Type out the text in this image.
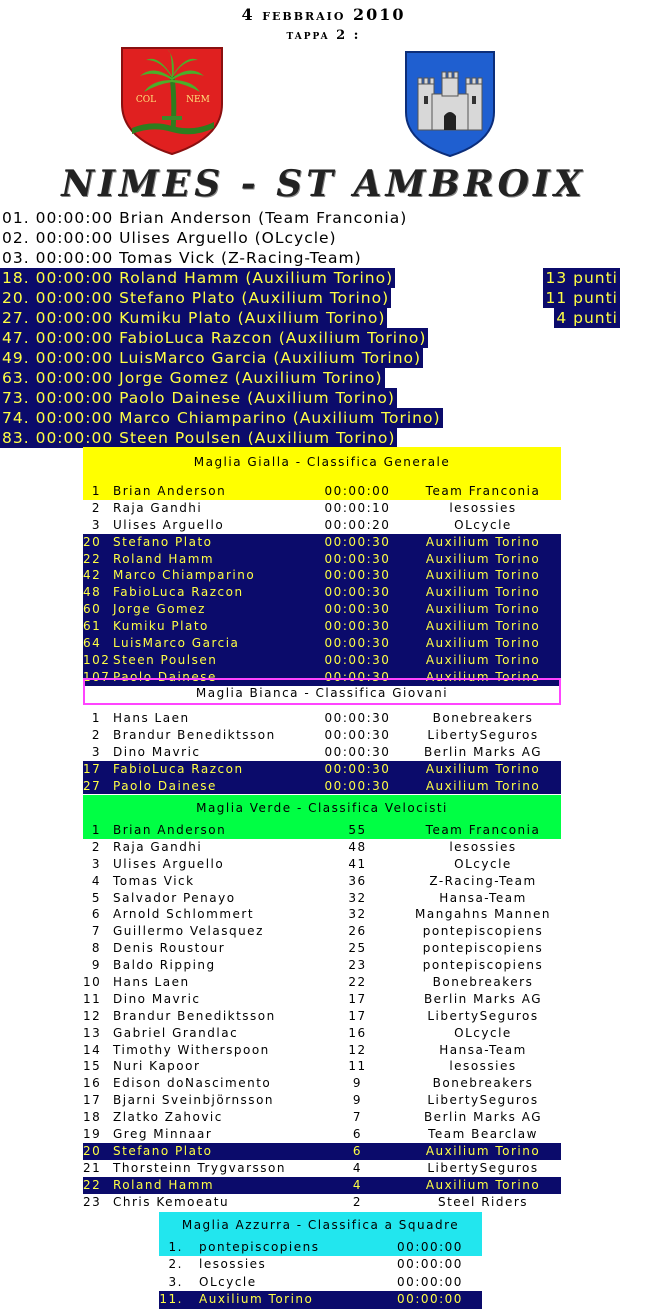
4 febbraio 2010
tappa 2 :
COL	NEM
NIMES - ST AMBROIX
01. 00:00:00 Brian Anderson (Team Franconia)
02. 00:00:00 Ulises Arguello (OLcycle)
03. 00:00:00 Tomas Vick (Z-Racing-Team)
18. 00:00:00 Roland Hamm (Auxilium Torino)	13 punti
20. 00:00:00 Stefano Plato (Auxilium Torino)	11 punti
27. 00:00:00 Kumiku Plato (Auxilium Torino)	4 punti
47. 00:00:00 FabioLuca Razcon (Auxilium Torino)
49. 00:00:00 LuisMarco Garcia (Auxilium Torino)
63. 00:00:00 Jorge Gomez (Auxilium Torino)
73. 00:00:00 Paolo Dainese (Auxilium Torino)
74. 00:00:00 Marco Chiamparino (Auxilium Torino)
83. 00:00:00 Steen Poulsen (Auxilium Torino)
Maglia Gialla - Classifica Generale
1 Brian Anderson	00:00:00	Team Franconia
2 Raja Gandhi	00:00:10	lesossies
3 Ulises Arguello	00:00:20	OLcycle
20 Stefano Plato	00:00:30	Auxilium Torino
22 Roland Hamm	00:00:30	Auxilium Torino
42 Marco Chiamparino	00:00:30	Auxilium Torino
48 FabioLuca Razcon	00:00:30	Auxilium Torino
60 Jorge Gomez	00:00:30	Auxilium Torino
61 Kumiku Plato	00:00:30	Auxilium Torino
64 LuisMarco Garcia	00:00:30	Auxilium Torino
102 Steen Poulsen	00:00:30	Auxilium Torino
107 Paolo Dainese	00:00:30	Auxilium Torino
Maglia Bianca - Classifica Giovani
1 Hans Laen	00:00:30	Bonebreakers
2 Brandur Benediktsson	00:00:30	LibertySeguros
3 Dino Mavric	00:00:30	Berlin Marks AG
17 FabioLuca Razcon	00:00:30	Auxilium Torino
27 Paolo Dainese	00:00:30	Auxilium Torino
Maglia Verde - Classifica Velocisti
1 Brian Anderson	55	Team Franconia
2 Raja Gandhi	48	lesossies
3 Ulises Arguello	41	OLcycle
4 Tomas Vick	36	Z-Racing-Team
5 Salvador Penayo	32	Hansa-Team
6 Arnold Schlommert	32	Mangahns Mannen
7 Guillermo Velasquez	26	pontepiscopiens
8 Denis Roustour	25	pontepiscopiens
9 Baldo Ripping	23	pontepiscopiens
10 Hans Laen	22	Bonebreakers
11 Dino Mavric	17	Berlin Marks AG
12 Brandur Benediktsson	17	LibertySeguros
13 Gabriel Grandlac	16	OLcycle
14 Timothy Witherspoon	12	Hansa-Team
15 Nuri Kapoor	11	lesossies
16 Edison doNascimento	9	Bonebreakers
17 Bjarni Sveinbjörnsson	9	LibertySeguros
18 Zlatko Zahovic	7	Berlin Marks AG
19 Greg Minnaar	6	Team Bearclaw
20 Stefano Plato	6	Auxilium Torino
21 Thorsteinn Trygvarsson	4	LibertySeguros
22 Roland Hamm	4	Auxilium Torino
23 Chris Kemoeatu	2	Steel Riders
Maglia Azzurra - Classifica a Squadre
1. pontepiscopiens	00:00:00
2. lesossies	00:00:00
3. OLcycle	00:00:00
11. Auxilium Torino	00:00:00
